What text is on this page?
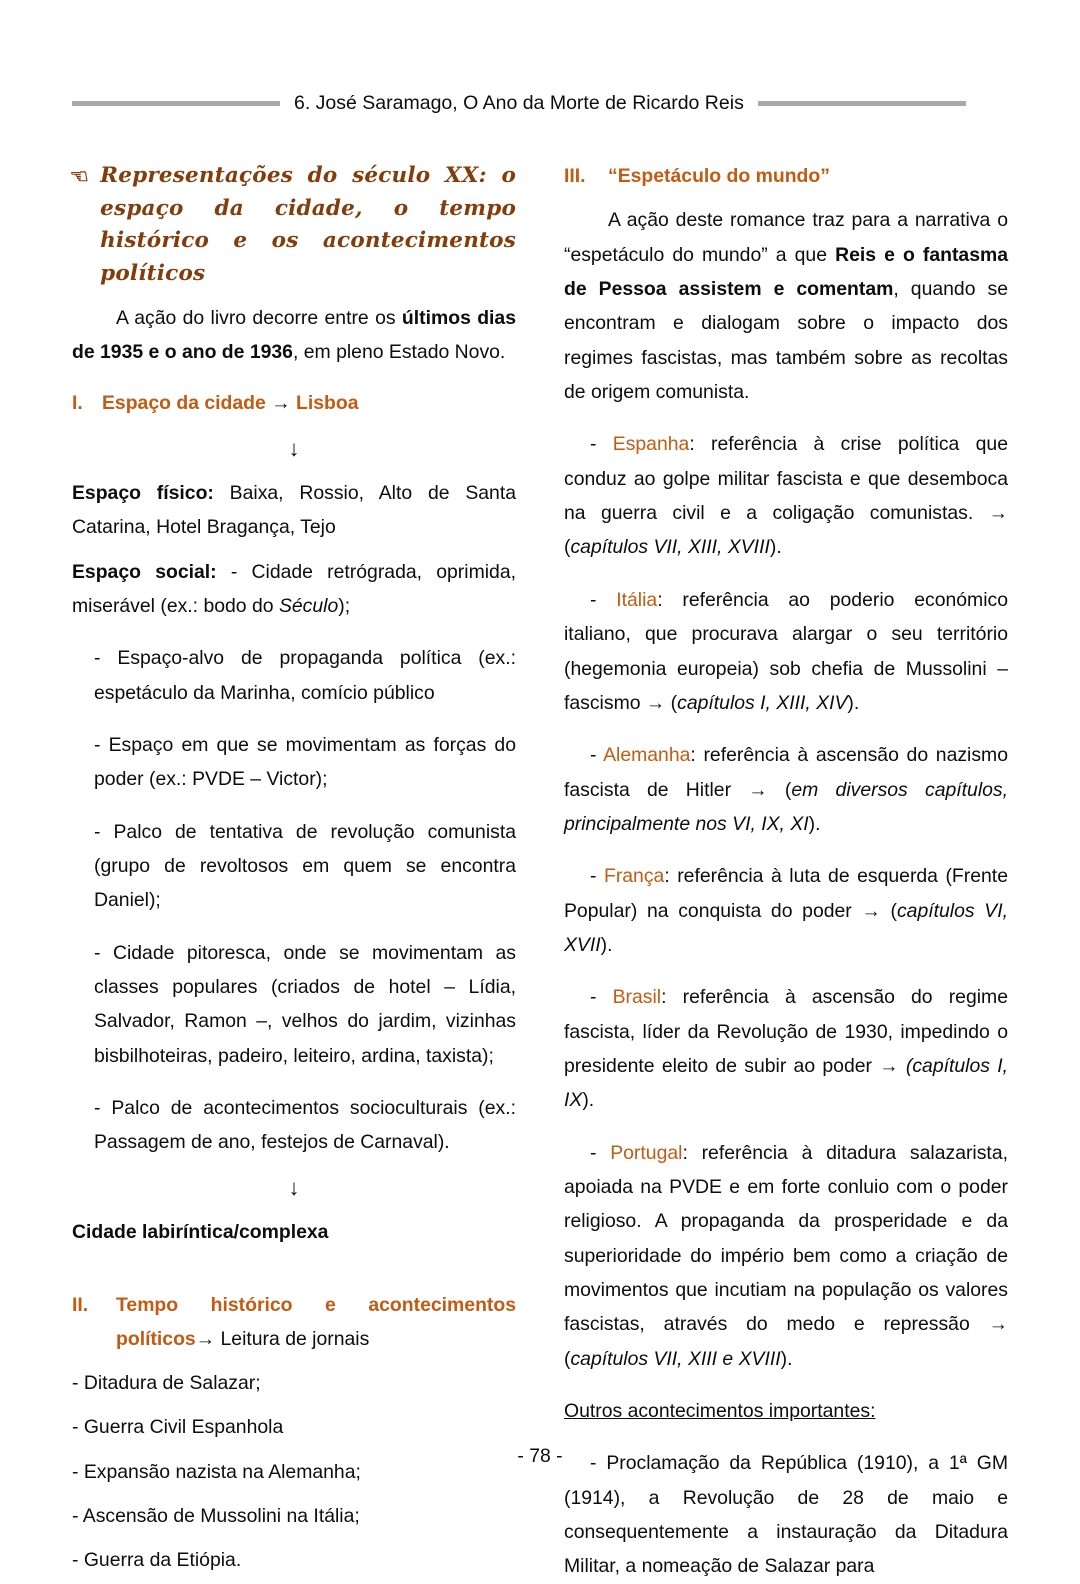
6. José Saramago, O Ano da Morte de Ricardo Reis
☞ Representações do século XX: o espaço da cidade, o tempo histórico e os acontecimentos políticos

A ação do livro decorre entre os últimos dias de 1935 e o ano de 1936, em pleno Estado Novo.

I. Espaço da cidade → Lisboa
↓

Espaço físico: Baixa, Rossio, Alto de Santa Catarina, Hotel Bragança, Tejo

Espaço social: - Cidade retrógrada, oprimida, miserável (ex.: bodo do Século);

- Espaço-alvo de propaganda política (ex.: espetáculo da Marinha, comício público

- Espaço em que se movimentam as forças do poder (ex.: PVDE – Victor);

- Palco de tentativa de revolução comunista (grupo de revoltosos em quem se encontra Daniel);

- Cidade pitoresca, onde se movimentam as classes populares (criados de hotel – Lídia, Salvador, Ramon –, velhos do jardim, vizinhas bisbilhoteiras, padeiro, leiteiro, ardina, taxista);

- Palco de acontecimentos socioculturais (ex.: Passagem de ano, festejos de Carnaval).

↓

Cidade labiríntica/complexa

II.	Tempo histórico e acontecimentos políticos→ Leitura de jornais

- Ditadura de Salazar;

- Guerra Civil Espanhola

- Expansão nazista na Alemanha;

- Ascensão de Mussolini na Itália;

- Guerra da Etiópia.

III.	“Espetáculo do mundo”

A ação deste romance traz para a narrativa o “espetáculo do mundo” a que Reis e o fantasma de Pessoa assistem e comentam, quando se encontram e dialogam sobre o impacto dos regimes fascistas, mas também sobre as recoltas de origem comunista.

- Espanha: referência à crise política que conduz ao golpe militar fascista e que desemboca na guerra civil e a coligação comunistas. → (capítulos VII, XIII, XVIII).

- Itália: referência ao poderio económico italiano, que procurava alargar o seu território (hegemonia europeia) sob chefia de Mussolini – fascismo → (capítulos I, XIII, XIV).

- Alemanha: referência à ascensão do nazismo fascista de Hitler → (em diversos capítulos, principalmente nos VI, IX, XI).

- França: referência à luta de esquerda (Frente Popular) na conquista do poder → (capítulos VI, XVII).

- Brasil: referência à ascensão do regime fascista, líder da Revolução de 1930, impedindo o presidente eleito de subir ao poder → (capítulos I, IX).

- Portugal: referência à ditadura salazarista, apoiada na PVDE e em forte conluio com o poder religioso. A propaganda da prosperidade e da superioridade do império bem como a criação de movimentos que incutiam na população os valores fascistas, através do medo e repressão → (capítulos VII, XIII e XVIII).

Outros acontecimentos importantes:

- Proclamação da República (1910), a 1ª GM (1914), a Revolução de 28 de maio e consequentemente a instauração da Ditadura Militar, a nomeação de Salazar para

- 78 -
